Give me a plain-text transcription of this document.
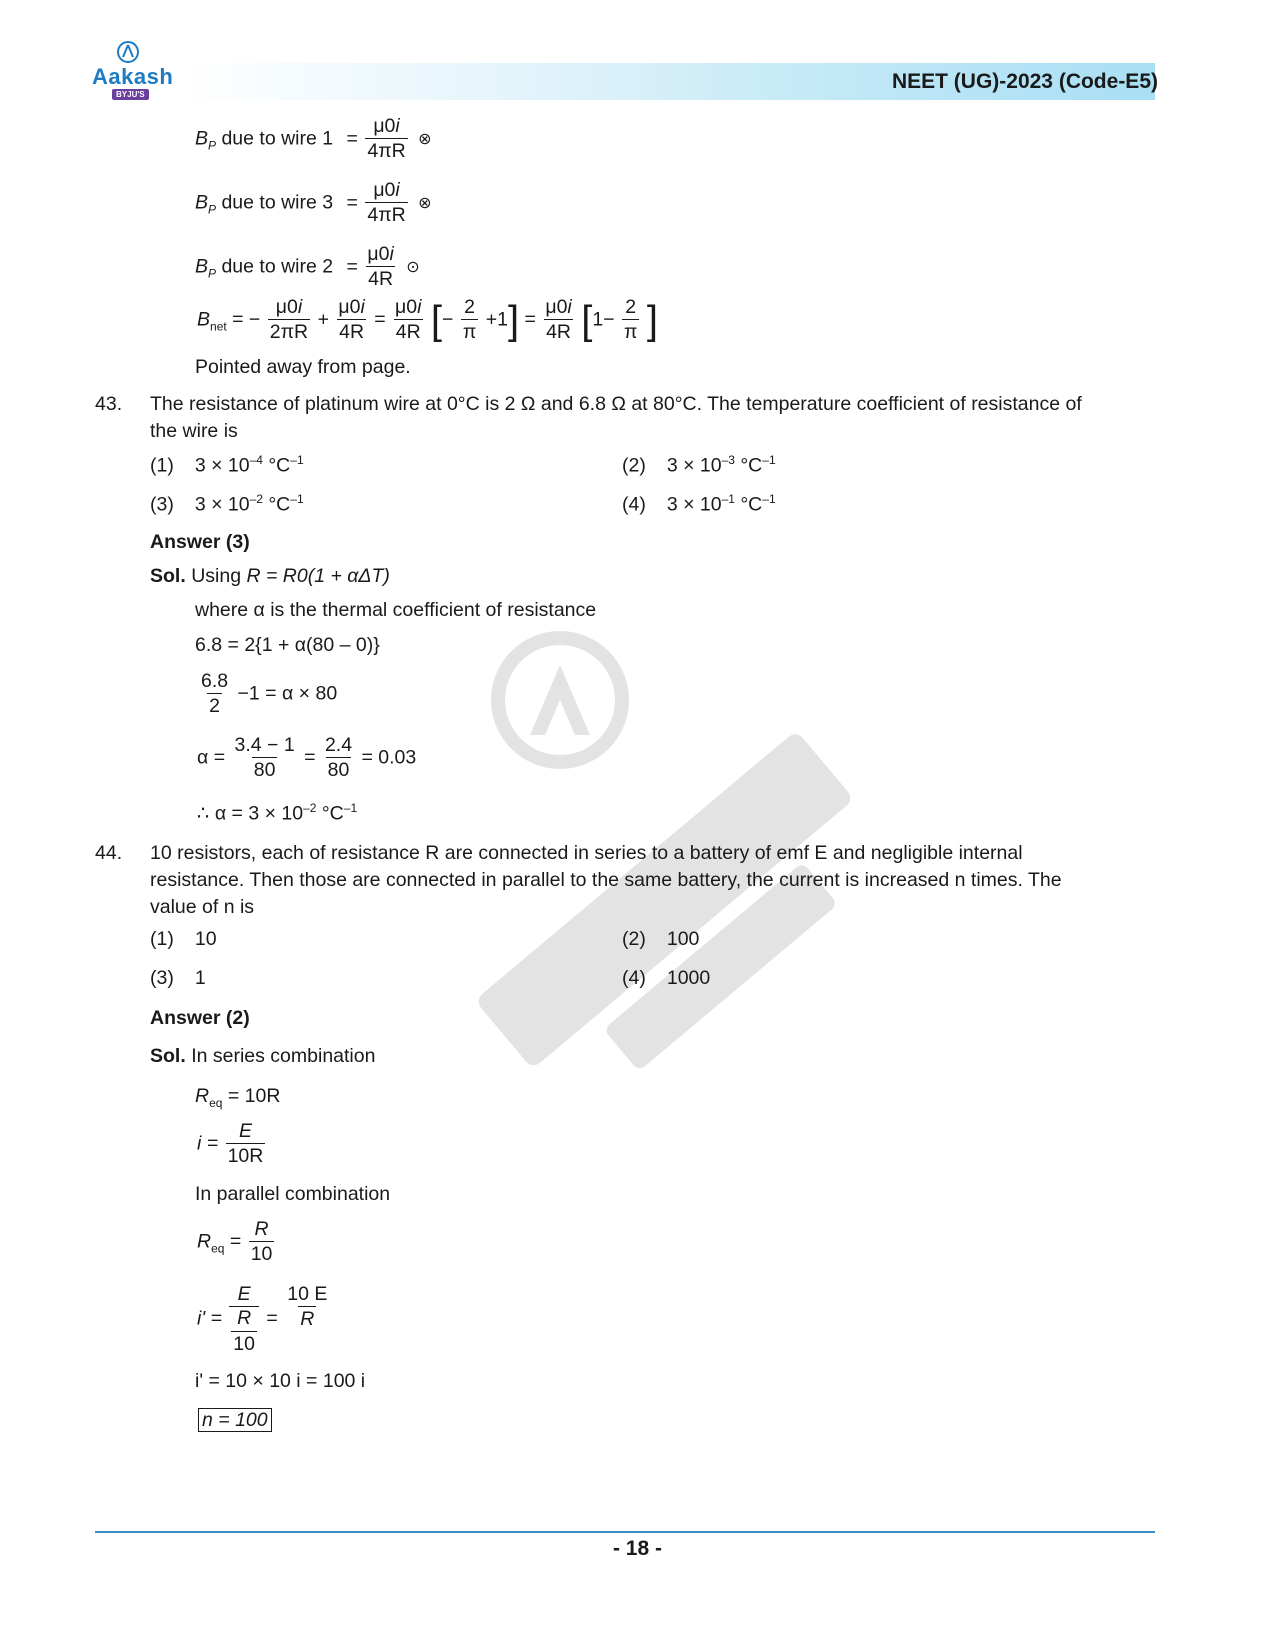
Aakash
BYJU'S
NEET (UG)-2023 (Code-E5)
$B_P$ due to wire $1 = \frac{\mu 0i}{4\pi R}$ ⊗
$B_P$ due to wire $3 = \frac{\mu 0i}{4\pi R}$ ⊗
$B_P$ due to wire $2 = \frac{\mu 0i}{4R}$ ⊙
$B_{net}$ = − $\frac{\mu 0i}{2\pi R} + \frac{\mu 0i}{4R} = \frac{\mu 0i}{4R}$ [− $\frac{2}{\pi} +1] = \frac{\mu 0i}{4R} [1- \frac{2}{\pi}$ ]
Pointed away from page.
43. The resistance of platinum wire at 0°C is 2 Ω and 6.8 Ω at 80°C. The temperature coefficient of resistance of
the wire is
(1) $3 \times 10^{-4}$ $^\circ C^{-1}$	(2) $3 \times 10^{-3}$ $^\circ C^{-1}$
(3) $3 \times 10^{-2}$ $^\circ C^{-1}$	(4) $3 \times 10^{-1}$ $^\circ C^{-1}$
Answer (3)
Sol. Using R = R0(1 + αΔT)
where α is the thermal coefficient of resistance
6.8 = 2{1 + α(80 – 0)}
$\frac{6.8}{2} -1 = \alpha \times 80$
$\alpha = \frac{3.4 - 1}{80} = \frac{2.4}{80} = 0.03$
∴ $\alpha = 3 \times 10^{-2}$ $^\circ C^{-1}$
44. 10 resistors, each of resistance R are connected in series to a battery of emf E and negligible internal
resistance. Then those are connected in parallel to the same battery, the current is increased n times. The
value of n is
(1) 10	(2) 100
(3) 1	(4) 1000
Answer (2)
Sol. In series combination
$R_{eq} = 10R$
$i = \frac{E}{10R}$
In parallel combination
$R_{eq} = \frac{R}{10}$
$i' = \frac{E}{\frac{R}{10}} = \frac{10 E}{R}$
i' = 10 × 10 i = 100 i
n = 100
- 18 -
